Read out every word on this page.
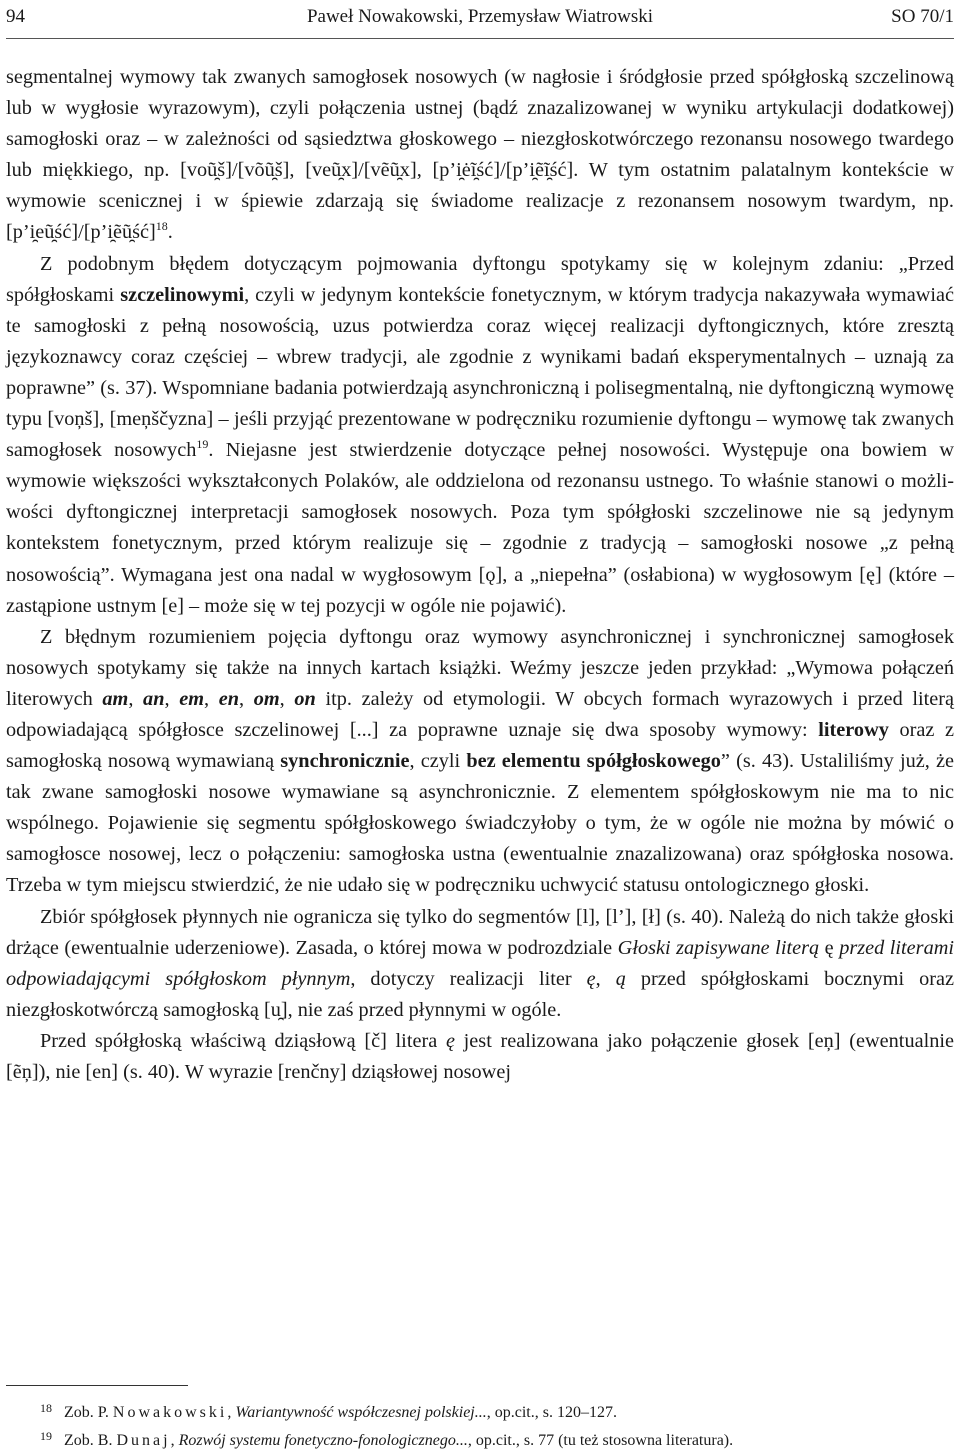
94	Paweł Nowakowski, Przemysław Wiatrowski	SO 70/1

segmentalnej wymowy tak zwanych samogłosek nosowych (w nagłosie i śródgłosie przed spółgłoską szczelinową lub w wygłosie wyrazowym), czyli połączenia ustnej (bądź znazalizowanej w wyniku artykulacji dodatkowej) samogłoski oraz – w zależności od sąsiedztwa głoskowego – niezgłoskotwórczego rezonansu nosowego twardego lub miękkiego, np. [voũ̯š]/[võũ̯š], [veũ̯x]/[vẽũ̯x], [p’i̯ėĩ̯ść]/[p’i̯ẽĩ̯ść]. W tym ostatnim palatalnym kontekście w wymowie scenicznej i w śpiewie zdarzają się świadome realizacje z rezonansem nosowym twardym, np. [p’i̯eũ̯ść]/[p’i̯ẽũ̯ść]$^{18}$.

Z podobnym błędem dotyczącym pojmowania dyftongu spotykamy się w kolejnym zdaniu: „Przed spółgłoskami szczelinowymi, czyli w jedynym kontekście fonetycznym, w którym tradycja nakazywała wymawiać te samogłoski z pełną nosowością, uzus potwierdza coraz więcej realizacji dyftongicznych, które zresztą językoznawcy coraz częściej – wbrew tradycji, ale zgodnie z wynikami badań eksperymentalnych – uznają za poprawne” (s. 37). Wspomniane badania potwierdzają asynchroniczną i polisegmentalną, nie dyftongiczną wymowę typu [voņš], [meņščyzna] – jeśli przyjąć prezentowane w podręczniku rozumienie dyftongu – wymowę tak zwanych samogłosek nosowych$^{19}$. Niejasne jest stwierdzenie dotyczące pełnej nosowości. Występuje ona bowiem w wymowie większości wykształconych Polaków, ale oddzielona od rezonansu ustnego. To właśnie stanowi o możliwości dyftongicznej interpretacji samogłosek nosowych. Poza tym spółgłoski szczelinowe nie są jedynym kontekstem fonetycznym, przed którym realizuje się – zgodnie z tradycją – samogłoski nosowe „z pełną nosowością”. Wymagana jest ona nadal w wygłosowym [ǫ], a „niepełna” (osłabiona) w wygłosowym [ę] (które – zastąpione ustnym [e] – może się w tej pozycji w ogóle nie pojawić).

Z błędnym rozumieniem pojęcia dyftongu oraz wymowy asynchronicznej i synchronicznej samogłosek nosowych spotykamy się także na innych kartach książki. Weźmy jeszcze jeden przykład: „Wymowa połączeń literowych am, an, em, en, om, on itp. zależy od etymologii. W obcych formach wyrazowych i przed literą odpowiadającą spółgłosce szczelinowej [...] za poprawne uznaje się dwa sposoby wymowy: literowy oraz z samogłoską nosową wymawianą synchronicznie, czyli bez elementu spółgłoskowego” (s. 43). Ustaliliśmy już, że tak zwane samogłoski nosowe wymawiane są asynchronicznie. Z elementem spółgłoskowym nie ma to nic wspólnego. Pojawienie się segmentu spółgłoskowego świadczyłoby o tym, że w ogóle nie można by mówić o samogłosce nosowej, lecz o połączeniu: samogłoska ustna (ewentualnie znazalizowana) oraz spółgłoska nosowa. Trzeba w tym miejscu stwierdzić, że nie udało się w podręczniku uchwycić statusu ontologicznego głoski.

Zbiór spółgłosek płynnych nie ogranicza się tylko do segmentów [l], [l’], [ł] (s. 40). Należą do nich także głoski drżące (ewentualnie uderzeniowe). Zasada, o której mowa w podrozdziale Głoski zapisywane literą ę przed literami odpowiadającymi spółgłoskom płynnym, dotyczy realizacji liter ę, ą przed spółgłoskami bocznymi oraz niezgłoskotwórczą samogłoską [u̯], nie zaś przed płynnymi w ogóle.

Przed spółgłoską właściwą dziąsłową [č] litera ę jest realizowana jako połączenie głosek [eņ] (ewentualnie [ẽņ]), nie [en] (s. 40). W wyrazie [renčny] dziąsłowej nosowej

18 Zob. P. Nowakowski, Wariantywność współczesnej polskiej..., op.cit., s. 120–127.
19 Zob. B. Dunaj, Rozwój systemu fonetyczno-fonologicznego..., op.cit., s. 77 (tu też stosowna literatura).
